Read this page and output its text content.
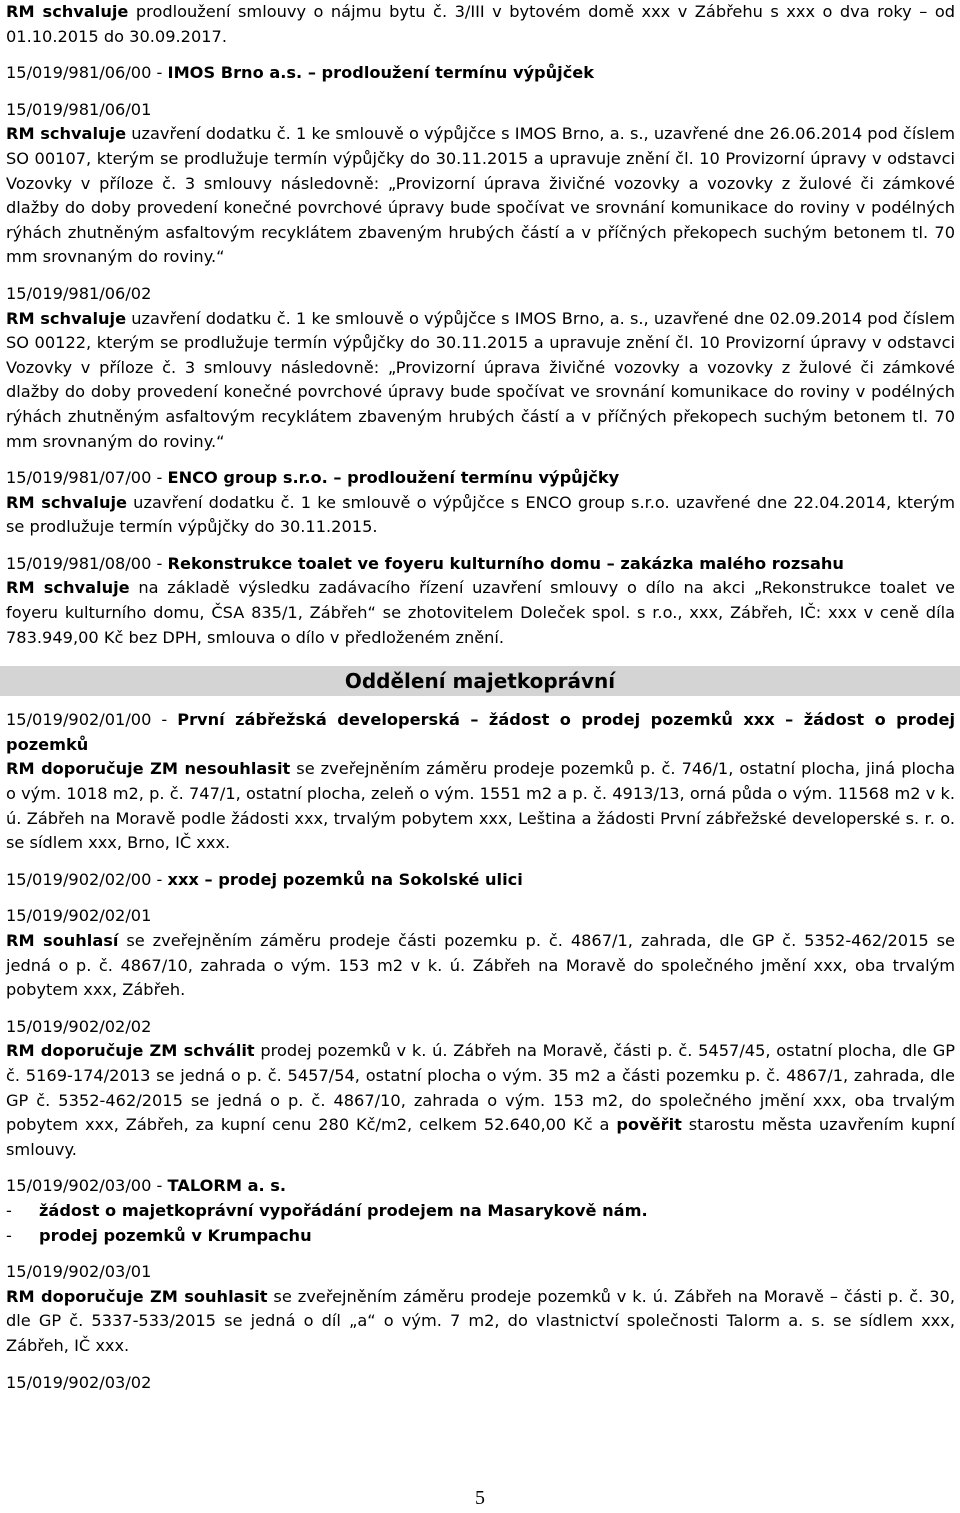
RM schvaluje prodloužení smlouvy o nájmu bytu č. 3/III v bytovém domě xxx v Zábřehu s xxx o dva roky – od 01.10.2015 do 30.09.2017.

15/019/981/06/00 - IMOS Brno a.s. – prodloužení termínu výpůjček

15/019/981/06/01

RM schvaluje uzavření dodatku č. 1 ke smlouvě o výpůjčce s IMOS Brno, a. s., uzavřené dne 26.06.2014 pod číslem SO 00107, kterým se prodlužuje termín výpůjčky do 30.11.2015 a upravuje znění čl. 10 Provizorní úpravy v odstavci Vozovky v příloze č. 3 smlouvy následovně: „Provizorní úprava živičné vozovky a vozovky z žulové či zámkové dlažby do doby provedení konečné povrchové úpravy bude spočívat ve srovnání komunikace do roviny v podélných rýhách zhutněným asfaltovým recyklátem zbaveným hrubých částí a v příčných překopech suchým betonem tl. 70 mm srovnaným do roviny.“

15/019/981/06/02

RM schvaluje uzavření dodatku č. 1 ke smlouvě o výpůjčce s IMOS Brno, a. s., uzavřené dne 02.09.2014 pod číslem SO 00122, kterým se prodlužuje termín výpůjčky do 30.11.2015 a upravuje znění čl. 10 Provizorní úpravy v odstavci Vozovky v příloze č. 3 smlouvy následovně: „Provizorní úprava živičné vozovky a vozovky z žulové či zámkové dlažby do doby provedení konečné povrchové úpravy bude spočívat ve srovnání komunikace do roviny v podélných rýhách zhutněným asfaltovým recyklátem zbaveným hrubých částí a v příčných překopech suchým betonem tl. 70 mm srovnaným do roviny.“

15/019/981/07/00 - ENCO group s.r.o. – prodloužení termínu výpůjčky

RM schvaluje uzavření dodatku č. 1 ke smlouvě o výpůjčce s ENCO group s.r.o. uzavřené dne 22.04.2014, kterým se prodlužuje termín výpůjčky do 30.11.2015.

15/019/981/08/00 - Rekonstrukce toalet ve foyeru kulturního domu – zakázka malého rozsahu

RM schvaluje na základě výsledku zadávacího řízení uzavření smlouvy o dílo na akci „Rekonstrukce toalet ve foyeru kulturního domu, ČSA 835/1, Zábřeh“ se zhotovitelem Doleček spol. s r.o., xxx, Zábřeh, IČ: xxx v ceně díla 783.949,00 Kč bez DPH, smlouva o dílo v předloženém znění.

Oddělení majetkoprávní

15/019/902/01/00 - První zábřežská developerská – žádost o prodej pozemků xxx – žádost o prodej pozemků

RM doporučuje ZM nesouhlasit se zveřejněním záměru prodeje pozemků p. č. 746/1, ostatní plocha, jiná plocha o vým. 1018 m2, p. č. 747/1, ostatní plocha, zeleň o vým. 1551 m2 a p. č. 4913/13, orná půda o vým. 11568 m2 v k. ú. Zábřeh na Moravě podle žádosti xxx, trvalým pobytem xxx, Leština a žádosti První zábřežské developerské s. r. o. se sídlem xxx, Brno, IČ xxx.

15/019/902/02/00 - xxx – prodej pozemků na Sokolské ulici

15/019/902/02/01

RM souhlasí se zveřejněním záměru prodeje části pozemku p. č. 4867/1, zahrada, dle GP č. 5352-462/2015 se jedná o p. č. 4867/10, zahrada o vým. 153 m2 v k. ú. Zábřeh na Moravě do společného jmění xxx, oba trvalým pobytem xxx, Zábřeh.

15/019/902/02/02

RM doporučuje ZM schválit prodej pozemků v k. ú. Zábřeh na Moravě, části p. č. 5457/45, ostatní plocha, dle GP č. 5169-174/2013 se jedná o p. č. 5457/54, ostatní plocha o vým. 35 m2 a části pozemku p. č. 4867/1, zahrada, dle GP č. 5352-462/2015 se jedná o p. č. 4867/10, zahrada o vým. 153 m2, do společného jmění xxx, oba trvalým pobytem xxx, Zábřeh, za kupní cenu 280 Kč/m2, celkem 52.640,00 Kč a pověřit starostu města uzavřením kupní smlouvy.

15/019/902/03/00 - TALORM a. s.

- žádost o majetkoprávní vypořádání prodejem na Masarykově nám.
- prodej pozemků v Krumpachu

15/019/902/03/01

RM doporučuje ZM souhlasit se zveřejněním záměru prodeje pozemků v k. ú. Zábřeh na Moravě – části p. č. 30, dle GP č. 5337-533/2015 se jedná o díl „a“ o vým. 7 m2, do vlastnictví společnosti Talorm a. s. se sídlem xxx, Zábřeh, IČ xxx.

15/019/902/03/02

5
